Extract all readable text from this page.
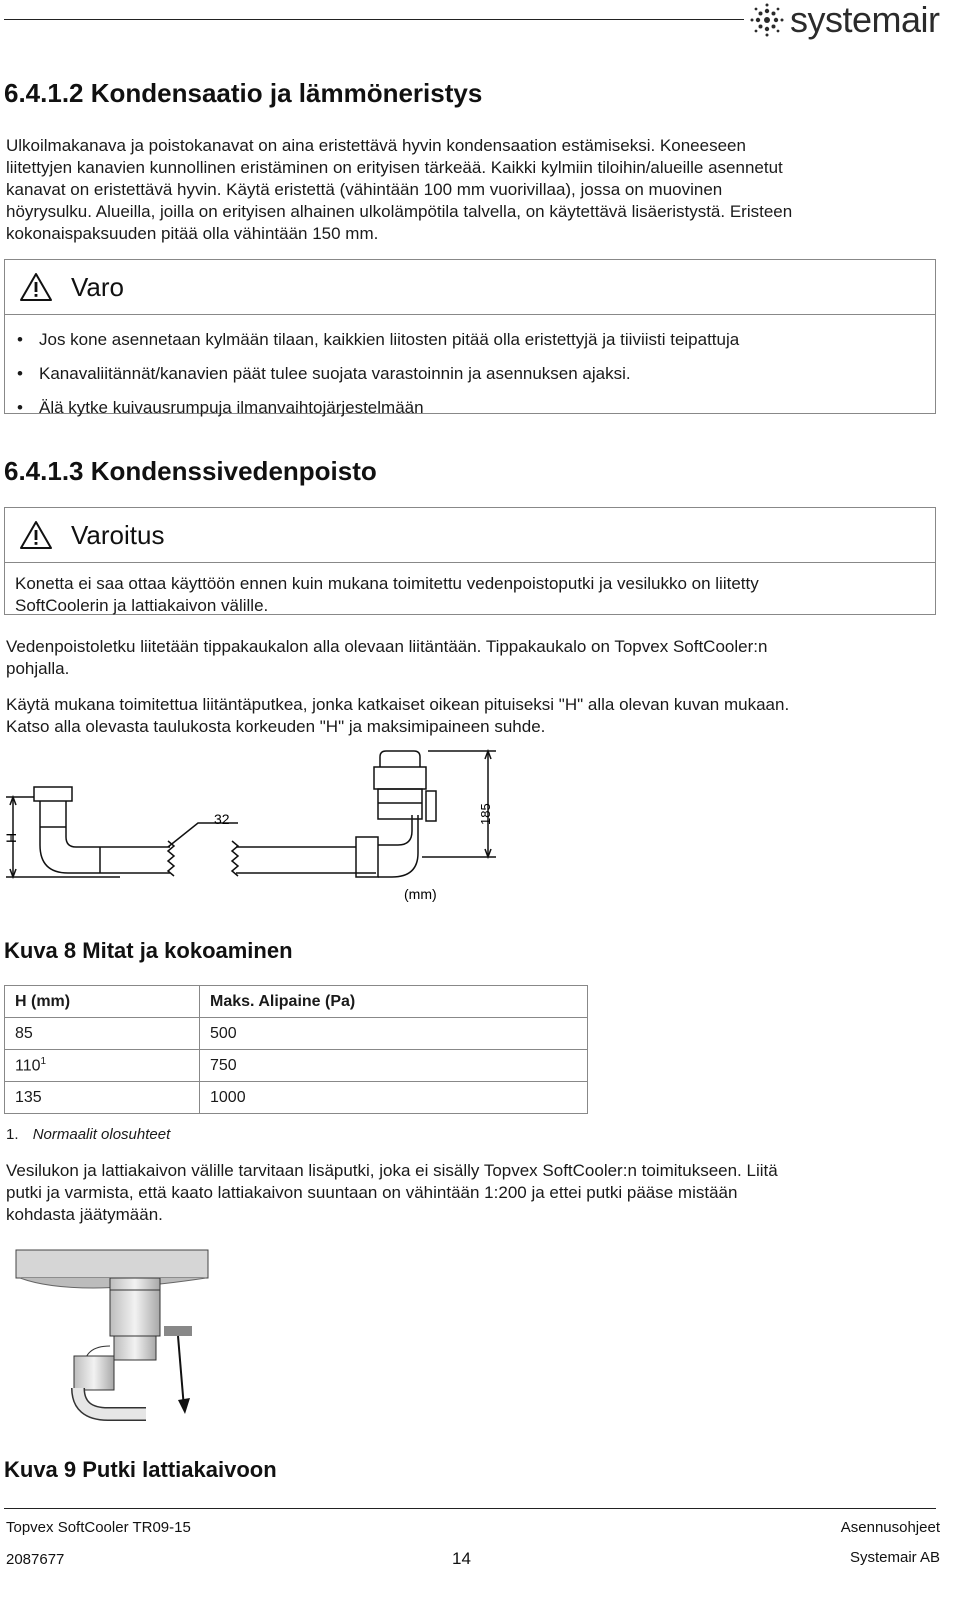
systemair
6.4.1.2 Kondensaatio ja lämmöneristys
Ulkoilmakanava ja poistokanavat on aina eristettävä hyvin kondensaation estämiseksi. Koneeseen
liitettyjen kanavien kunnollinen eristäminen on erityisen tärkeää. Kaikki kylmiin tiloihin/alueille asennetut
kanavat on eristettävä hyvin. Käytä eristettä (vähintään 100 mm vuorivillaa), jossa on muovinen
höyrysulku. Alueilla, joilla on erityisen alhainen ulkolämpötila talvella, on käytettävä lisäeristystä. Eristeen
kokonaispaksuuden pitää olla vähintään 150 mm.
Varo
• Jos kone asennetaan kylmään tilaan, kaikkien liitosten pitää olla eristettyjä ja tiiviisti teipattuja
• Kanavaliitännät/kanavien päät tulee suojata varastoinnin ja asennuksen ajaksi.
• Älä kytke kuivausrumpuja ilmanvaihtojärjestelmään
6.4.1.3 Kondenssivedenpoisto
Varoitus
Konetta ei saa ottaa käyttöön ennen kuin mukana toimitettu vedenpoistoputki ja vesilukko on liitetty
SoftCoolerin ja lattiakaivon välille.
Vedenpoistoletku liitetään tippakaukalon alla olevaan liitäntään. Tippakaukalo on Topvex SoftCooler:n
pohjalla.
Käytä mukana toimitettua liitäntäputkea, jonka katkaiset oikean pituiseksi "H" alla olevan kuvan mukaan.
Katso alla olevasta taulukosta korkeuden "H" ja maksimipaineen suhde.
H
32	185
(mm)
Kuva 8 Mitat ja kokoaminen
H (mm)	Maks. Alipaine (Pa)
85	500
$110^1$	750
135	1000
1. Normaalit olosuhteet
Vesilukon ja lattiakaivon välille tarvitaan lisäputki, joka ei sisälly Topvex SoftCooler:n toimitukseen. Liitä
putki ja varmista, että kaato lattiakaivon suuntaan on vähintään 1:200 ja ettei putki pääse mistään
kohdasta jäätymään.
Kuva 9 Putki lattiakaivoon
Topvex SoftCooler TR09-15	Asennusohjeet
2087677	14	Systemair AB
